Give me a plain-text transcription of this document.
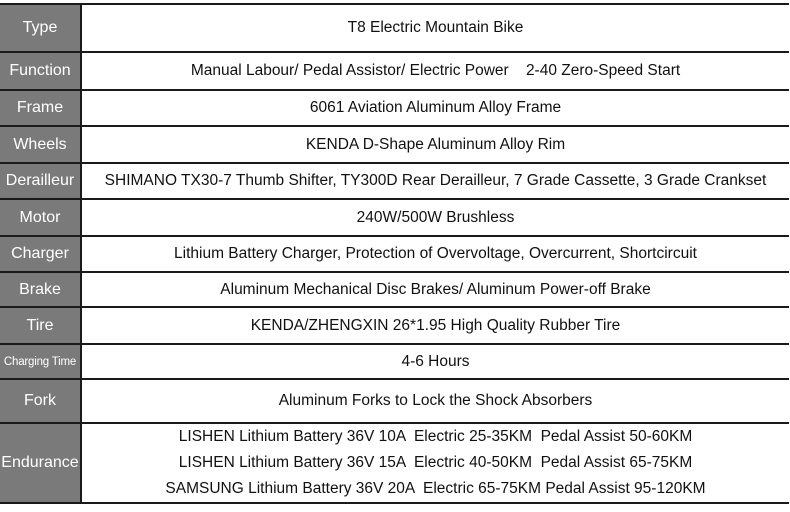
Type	T8 Electric Mountain Bike
Function	Manual Labour/ Pedal Assistor/ Electric Power    2-40 Zero-Speed Start
Frame	6061 Aviation Aluminum Alloy Frame
Wheels	KENDA D-Shape Aluminum Alloy Rim
Derailleur	SHIMANO TX30-7 Thumb Shifter, TY300D Rear Derailleur, 7 Grade Cassette, 3 Grade Crankset
Motor	240W/500W Brushless
Charger	Lithium Battery Charger, Protection of Overvoltage, Overcurrent, Shortcircuit
Brake	Aluminum Mechanical Disc Brakes/ Aluminum Power-off Brake
Tire	KENDA/ZHENGXIN 26*1.95 High Quality Rubber Tire
Charging Time	4-6 Hours
Fork	Aluminum Forks to Lock the Shock Absorbers
Endurance	LISHEN Lithium Battery 36V 10A  Electric 25-35KM  Pedal Assist 50-60KM
LISHEN Lithium Battery 36V 15A  Electric 40-50KM  Pedal Assist 65-75KM
SAMSUNG Lithium Battery 36V 20A  Electric 65-75KM Pedal Assist 95-120KM
